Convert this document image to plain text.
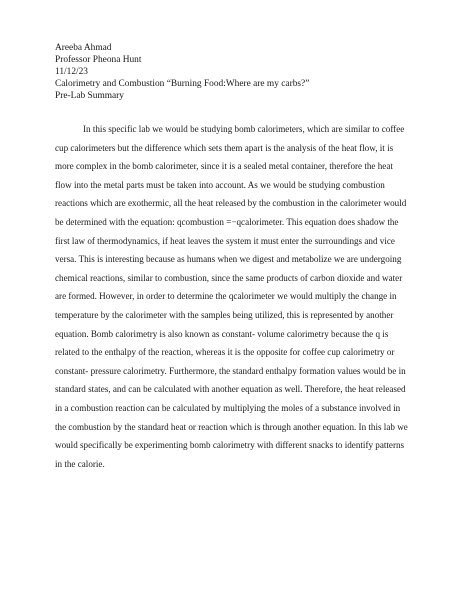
Areeba Ahmad
Professor Pheona Hunt
11/12/23
Calorimetry and Combustion “Burning Food:Where are my carbs?”
Pre-Lab Summary
In this specific lab we would be studying bomb calorimeters, which are similar to coffee
cup calorimeters but the difference which sets them apart is the analysis of the heat flow, it is
more complex in the bomb calorimeter, since it is a sealed metal container, therefore the heat
flow into the metal parts must be taken into account. As we would be studying combustion
reactions which are exothermic, all the heat released by the combustion in the calorimeter would
be determined with the equation: qcombustion =−qcalorimeter. This equation does shadow the
first law of thermodynamics, if heat leaves the system it must enter the surroundings and vice
versa. This is interesting because as humans when we digest and metabolize we are undergoing
chemical reactions, similar to combustion, since the same products of carbon dioxide and water
are formed. However, in order to determine the qcalorimeter we would multiply the change in
temperature by the calorimeter with the samples being utilized, this is represented by another
equation. Bomb calorimetry is also known as constant- volume calorimetry because the q is
related to the enthalpy of the reaction, whereas it is the opposite for coffee cup calorimetry or
constant- pressure calorimetry. Furthermore, the standard enthalpy formation values would be in
standard states, and can be calculated with another equation as well. Therefore, the heat released
in a combustion reaction can be calculated by multiplying the moles of a substance involved in
the combustion by the standard heat or reaction which is through another equation. In this lab we
would specifically be experimenting bomb calorimetry with different snacks to identify patterns
in the calorie.
